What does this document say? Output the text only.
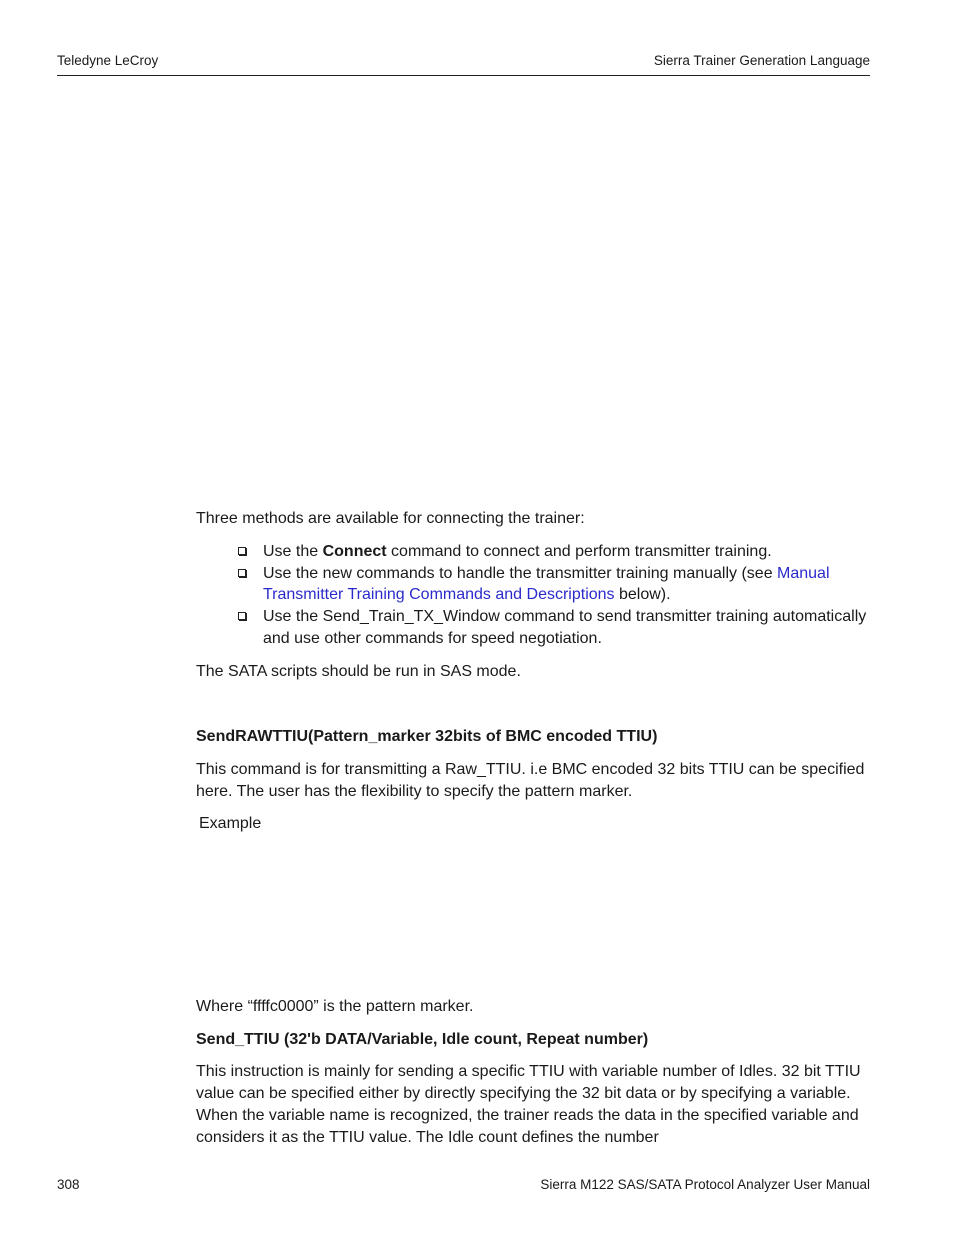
Teledyne LeCroy	Sierra Trainer Generation Language
Three methods are available for connecting the trainer:
Use the Connect command to connect and perform transmitter training.
Use the new commands to handle the transmitter training manually (see Manual Transmitter Training Commands and Descriptions below).
Use the Send_Train_TX_Window command to send transmitter training automatically and use other commands for speed negotiation.
The SATA scripts should be run in SAS mode.
SendRAWTTIU(Pattern_marker 32bits of BMC encoded TTIU)
This command is for transmitting a Raw_TTIU. i.e BMC encoded 32 bits TTIU can be specified here. The user has the flexibility to specify the pattern marker.
Example
Where “ffffc0000” is the pattern marker.
Send_TTIU (32'b DATA/Variable, Idle count, Repeat number)
This instruction is mainly for sending a specific TTIU with variable number of Idles. 32 bit TTIU value can be specified either by directly specifying the 32 bit data or by specifying a variable. When the variable name is recognized, the trainer reads the data in the specified variable and considers it as the TTIU value. The Idle count defines the number
308	Sierra M122 SAS/SATA Protocol Analyzer User Manual
